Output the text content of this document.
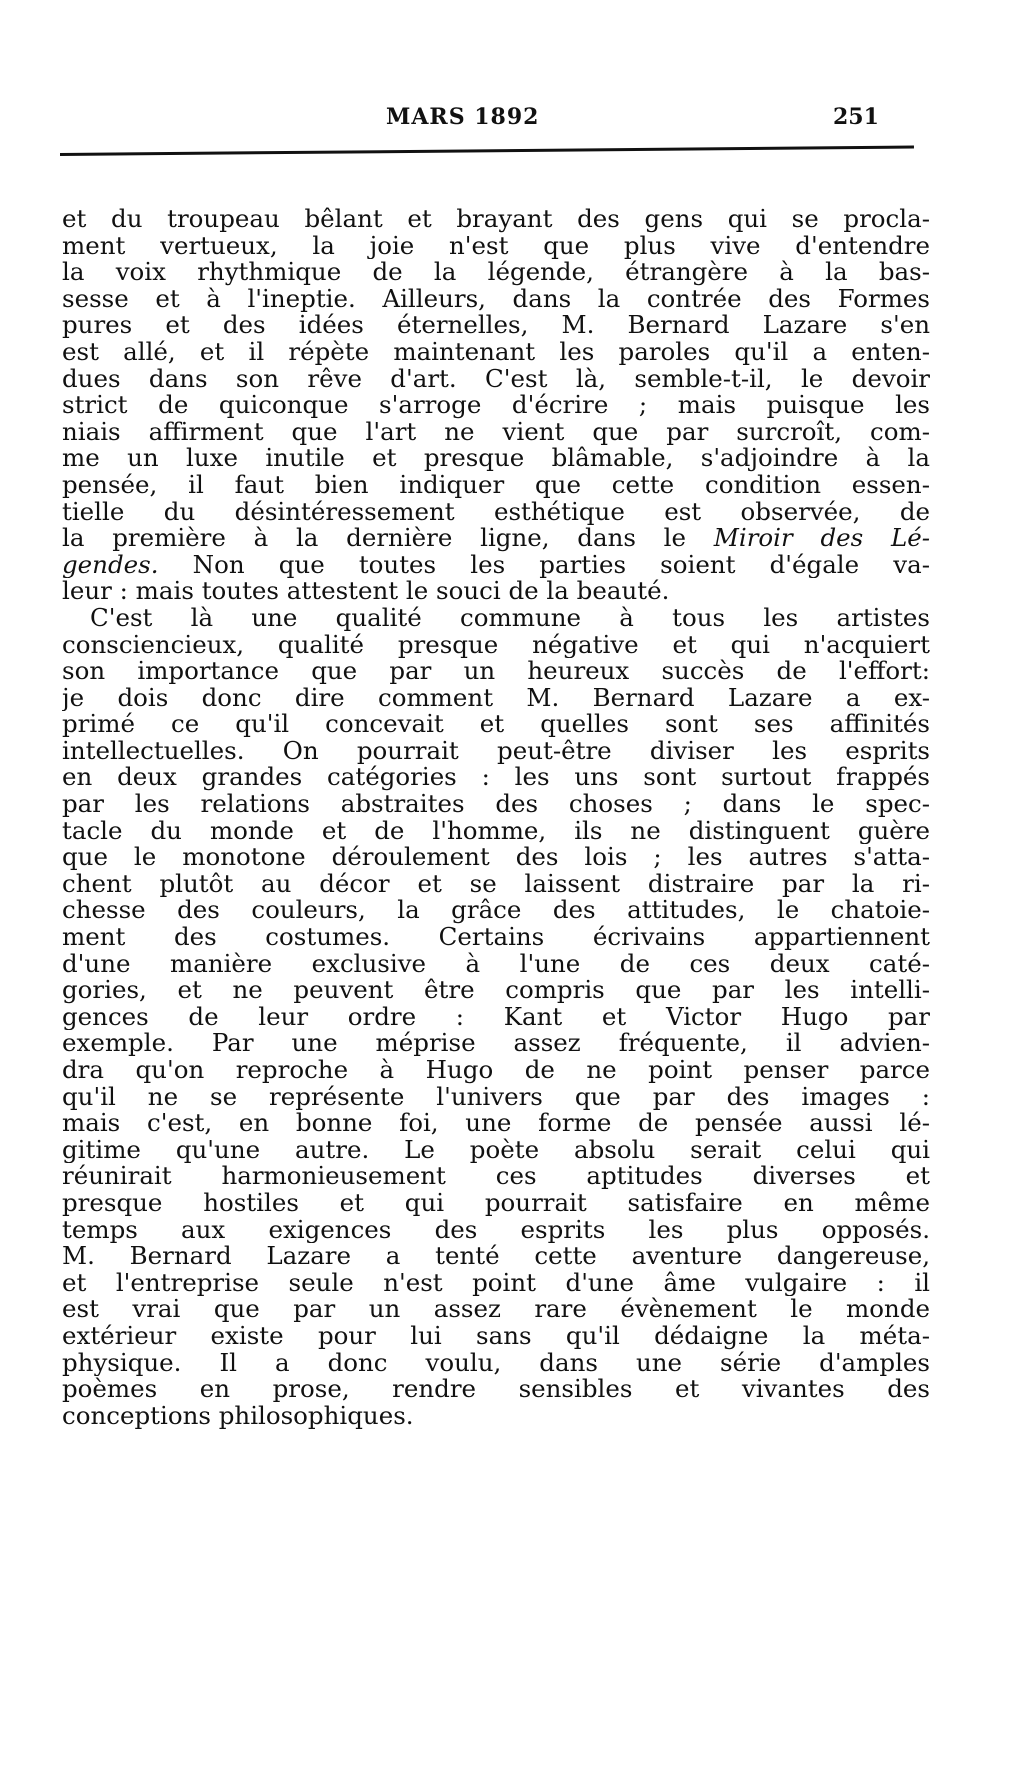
MARS 1892	251
et du troupeau bêlant et brayant des gens qui se procla-
ment vertueux, la joie n'est que plus vive d'entendre
la voix rhythmique de la légende, étrangère à la bas-
sesse et à l'ineptie. Ailleurs, dans la contrée des Formes
pures et des idées éternelles, M. Bernard Lazare s'en
est allé, et il répète maintenant les paroles qu'il a enten-
dues dans son rêve d'art. C'est là, semble-t-il, le devoir
strict de quiconque s'arroge d'écrire ; mais puisque les
niais affirment que l'art ne vient que par surcroît, com-
me un luxe inutile et presque blâmable, s'adjoindre à la
pensée, il faut bien indiquer que cette condition essen-
tielle du désintéressement esthétique est observée, de
la première à la dernière ligne, dans le Miroir des Lé-
gendes. Non que toutes les parties soient d'égale va-
leur : mais toutes attestent le souci de la beauté.
C'est là une qualité commune à tous les artistes
consciencieux, qualité presque négative et qui n'acquiert
son importance que par un heureux succès de l'effort:
je dois donc dire comment M. Bernard Lazare a ex-
primé ce qu'il concevait et quelles sont ses affinités
intellectuelles. On pourrait peut-être diviser les esprits
en deux grandes catégories : les uns sont surtout frappés
par les relations abstraites des choses ; dans le spec-
tacle du monde et de l'homme, ils ne distinguent guère
que le monotone déroulement des lois ; les autres s'atta-
chent plutôt au décor et se laissent distraire par la ri-
chesse des couleurs, la grâce des attitudes, le chatoie-
ment des costumes. Certains écrivains appartiennent
d'une manière exclusive à l'une de ces deux caté-
gories, et ne peuvent être compris que par les intelli-
gences de leur ordre : Kant et Victor Hugo par
exemple. Par une méprise assez fréquente, il advien-
dra qu'on reproche à Hugo de ne point penser parce
qu'il ne se représente l'univers que par des images :
mais c'est, en bonne foi, une forme de pensée aussi lé-
gitime qu'une autre. Le poète absolu serait celui qui
réunirait harmonieusement ces aptitudes diverses et
presque hostiles et qui pourrait satisfaire en même
temps aux exigences des esprits les plus opposés.
M. Bernard Lazare a tenté cette aventure dangereuse,
et l'entreprise seule n'est point d'une âme vulgaire : il
est vrai que par un assez rare évènement le monde
extérieur existe pour lui sans qu'il dédaigne la méta-
physique. Il a donc voulu, dans une série d'amples
poèmes en prose, rendre sensibles et vivantes des
conceptions philosophiques.
